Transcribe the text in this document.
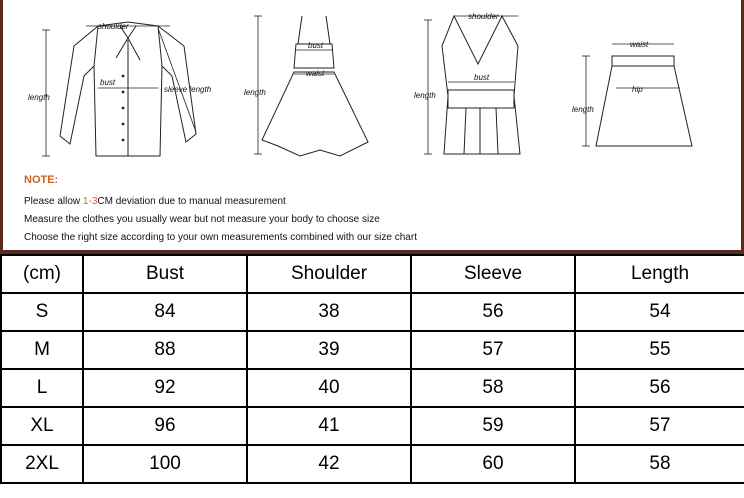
shoulder
bust
sleeve length
length
bust
waist
length
shoulder
bust
length
waist
hip
length
NOTE:
Please allow 1-3CM deviation due to manual measurement
Measure the clothes you usually wear but not measure your body to choose size
Choose the right size according to your own measurements combined with our size chart
(cm)	Bust	Shoulder	Sleeve	Length
S	84	38	56	54
M	88	39	57	55
L	92	40	58	56
XL	96	41	59	57
2XL	100	42	60	58
